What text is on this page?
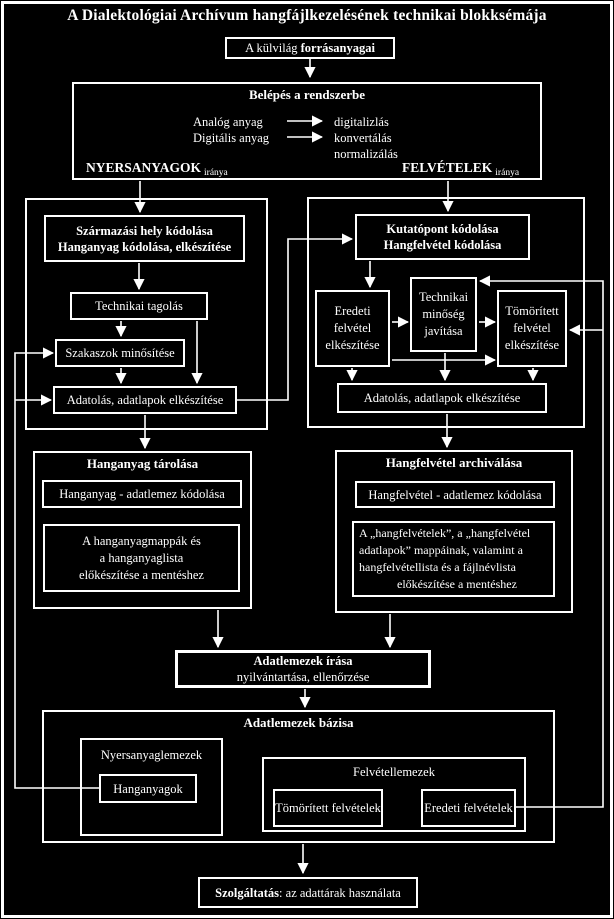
A Dialektológiai Archívum hangfájlkezelésének technikai blokksémája
A külvilág forrásanyagai
Belépés a rendszerbe
Analóg anyag	digitalizlás
Digitális anyag	konvertálás
normalizálás
NYERSANYAGOK $_{iránya}$	FELVÉTELEK $_{iránya}$
Származási hely kódolása
Hanganyag kódolása, elkészítése
Technikai tagolás
Szakaszok minősítése
Adatolás, adatlapok elkészítése
Kutatópont kódolása
Hangfelvétel kódolása
Eredeti felvétel elkészítése
Technikai minőség javítása
Tömörített felvétel elkészítése
Adatolás, adatlapok elkészítése
Hanganyag tárolása
Hanganyag - adatlemez kódolása
A hanganyagmappák és
a hanganyaglista
előkészítése a mentéshez
Hangfelvétel archiválása
Hangfelvétel - adatlemez kódolása
A „hangfelvételek”, a „hangfelvétel
adatlapok” mappáinak, valamint a
hangfelvétellista és a fájlnévlista
előkészítése a mentéshez
Adatlemezek írása
nyilvántartása, ellenőrzése
Adatlemezek bázisa
Nyersanyaglemezek
Hanganyagok
Felvétellemezek
Tömörített felvételek	Eredeti felvételek
Szolgáltatás: az adattárak használata
